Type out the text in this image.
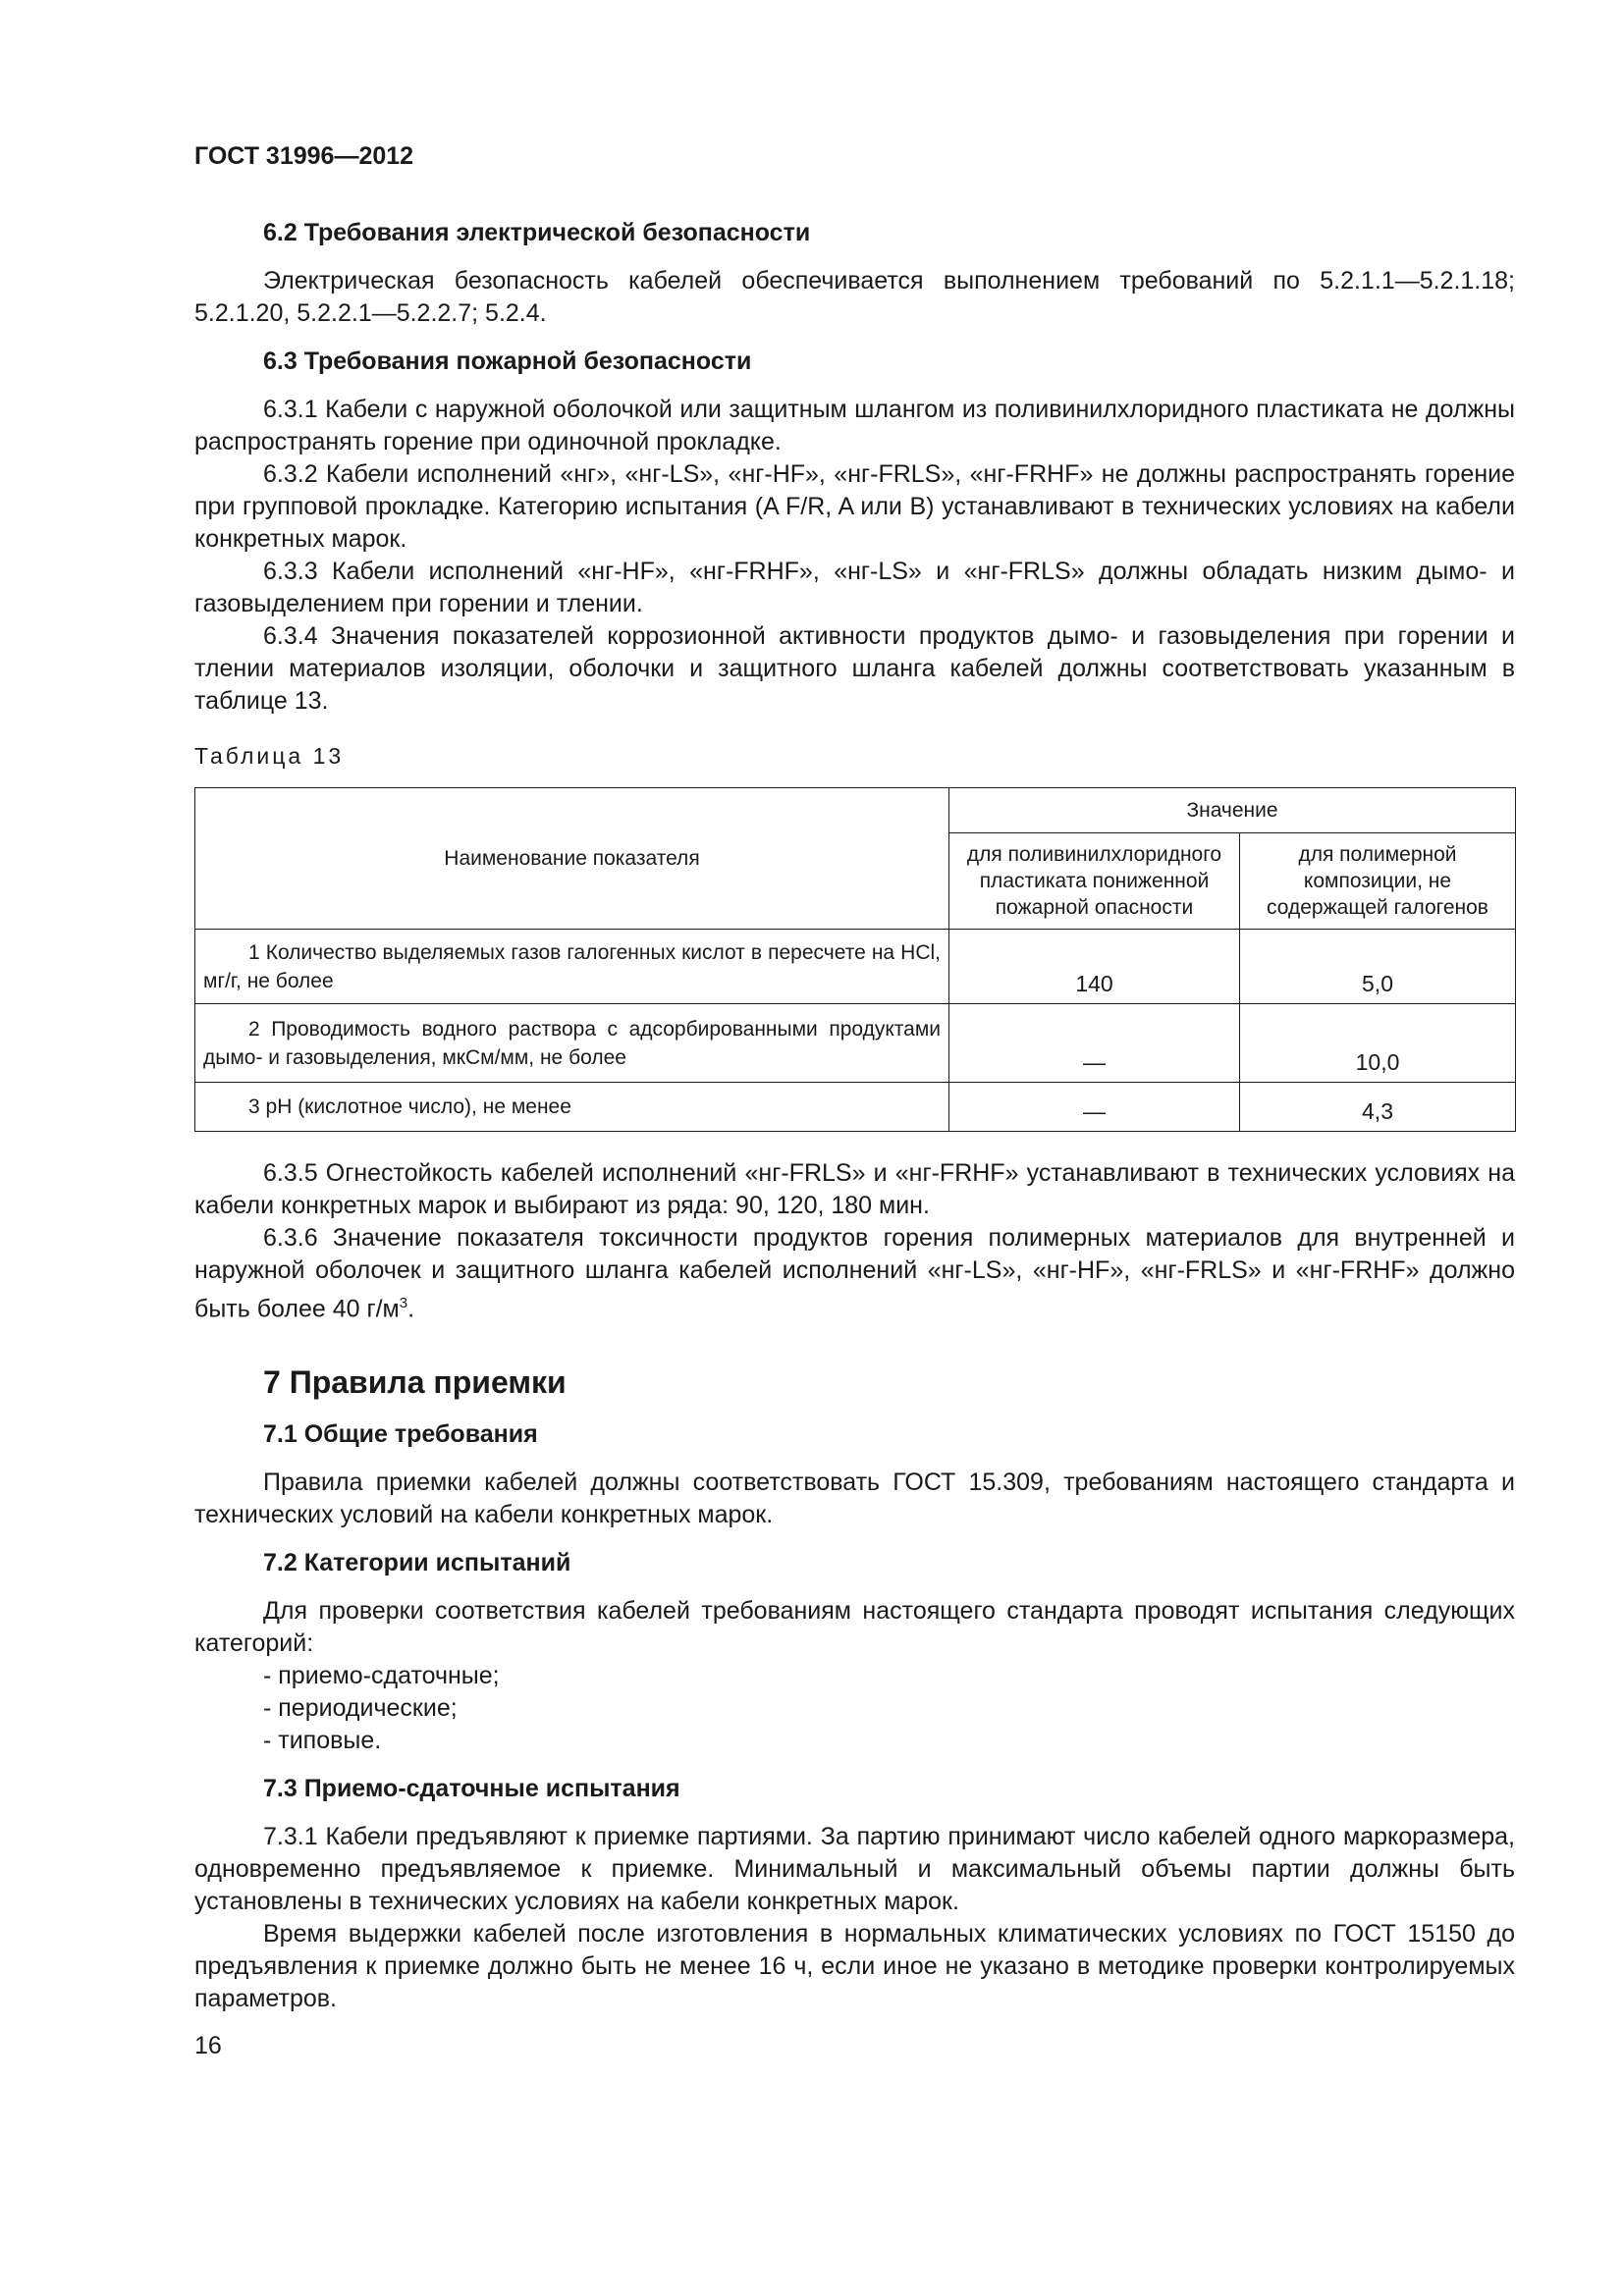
ГОСТ 31996—2012
6.2 Требования электрической безопасности

Электрическая безопасность кабелей обеспечивается выполнением требований по 5.2.1.1—5.2.1.18; 5.2.1.20, 5.2.2.1—5.2.2.7; 5.2.4.

6.3 Требования пожарной безопасности

6.3.1 Кабели с наружной оболочкой или защитным шлангом из поливинилхлоридного пластиката не должны распространять горение при одиночной прокладке.

6.3.2 Кабели исполнений «нг», «нг-LS», «нг-HF», «нг-FRLS», «нг-FRHF» не должны распространять горение при групповой прокладке. Категорию испытания (A F/R, A или B) устанавливают в технических условиях на кабели конкретных марок.

6.3.3 Кабели исполнений «нг-HF», «нг-FRHF», «нг-LS» и «нг-FRLS» должны обладать низким дымо- и газовыделением при горении и тлении.

6.3.4 Значения показателей коррозионной активности продуктов дымо- и газовыделения при горении и тлении материалов изоляции, оболочки и защитного шланга кабелей должны соответствовать указанным в таблице 13.

Таблица 13
Наименование показателя	Значение	
	для поливинилхлоридного пластиката пониженной пожарной опасности	для полимерной композиции, не содержащей галогенов
1 Количество выделяемых газов галогенных кислот в пересчете на HCl, мг/г, не более	140	5,0
2 Проводимость водного раствора с адсорбированными продуктами дымо- и газовыделения, мкСм/мм, не более	—	10,0
3 pH (кислотное число), не менее	—	4,3

6.3.5 Огнестойкость кабелей исполнений «нг-FRLS» и «нг-FRHF» устанавливают в технических условиях на кабели конкретных марок и выбирают из ряда: 90, 120, 180 мин.

6.3.6 Значение показателя токсичности продуктов горения полимерных материалов для внутренней и наружной оболочек и защитного шланга кабелей исполнений «нг-LS», «нг-HF», «нг-FRLS» и «нг-FRHF» должно быть более 40 $г/м^3$.

7 Правила приемки
7.1 Общие требования

Правила приемки кабелей должны соответствовать ГОСТ 15.309, требованиям настоящего стандарта и технических условий на кабели конкретных марок.

7.2 Категории испытаний

Для проверки соответствия кабелей требованиям настоящего стандарта проводят испытания следующих категорий:

- приемо-сдаточные;
- периодические;
- типовые.
7.3 Приемо-сдаточные испытания

7.3.1 Кабели предъявляют к приемке партиями. За партию принимают число кабелей одного маркоразмера, одновременно предъявляемое к приемке. Минимальный и максимальный объемы партии должны быть установлены в технических условиях на кабели конкретных марок.

Время выдержки кабелей после изготовления в нормальных климатических условиях по ГОСТ 15150 до предъявления к приемке должно быть не менее 16 ч, если иное не указано в методике проверки контролируемых параметров.

16
